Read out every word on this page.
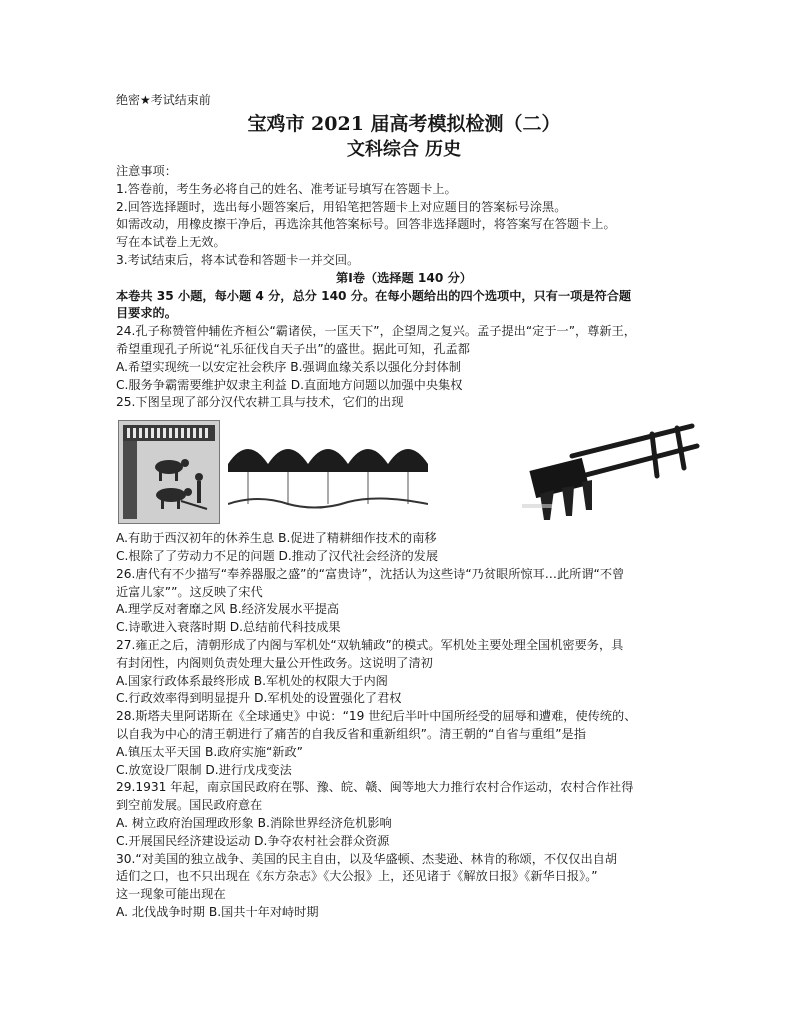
绝密★考试结束前
宝鸡市 2021 届高考模拟检测（二）
文科综合 历史
注意事项：
1.答卷前，考生务必将自己的姓名、准考证号填写在答题卡上。
2.回答选择题时，选出每小题答案后，用铅笔把答题卡上对应题目的答案标号涂黑。
如需改动，用橡皮擦干净后，再选涂其他答案标号。回答非选择题时，将答案写在答题卡上。
写在本试卷上无效。
3.考试结束后，将本试卷和答题卡一并交回。
第Ⅰ卷（选择题 140 分）
本卷共 35 小题，每小题 4 分，总分 140 分。在每小题给出的四个选项中，只有一项是符合题
目要求的。
24.孔子称赞管仲辅佐齐桓公“霸诸侯，一匡天下”，企望周之复兴。孟子提出“定于一”，尊新王，
希望重现孔子所说“礼乐征伐自天子出”的盛世。据此可知，孔孟都
A.希望实现统一以安定社会秩序 B.强调血缘关系以强化分封体制
C.服务争霸需要维护奴隶主利益 D.直面地方问题以加强中央集权
25.下图呈现了部分汉代农耕工具与技术，它们的出现
A.有助于西汉初年的休养生息 B.促进了精耕细作技术的南移
C.根除了了劳动力不足的问题 D.推动了汉代社会经济的发展
26.唐代有不少描写“奉养器服之盛”的“富贵诗”，沈括认为这些诗“乃贫眼所惊耳…此所谓“不曾
近富儿家””。这反映了宋代
A.理学反对奢靡之风 B.经济发展水平提高
C.诗歌进入衰落时期 D.总结前代科技成果
27.雍正之后，清朝形成了内阁与军机处“双轨辅政”的模式。军机处主要处理全国机密要务，具
有封闭性，内阁则负责处理大量公开性政务。这说明了清初
A.国家行政体系最终形成 B.军机处的权限大于内阁
C.行政效率得到明显提升 D.军机处的设置强化了君权
28.斯塔夫里阿诺斯在《全球通史》中说：“19 世纪后半叶中国所经受的屈辱和遭难，使传统的、
以自我为中心的清王朝进行了痛苦的自我反省和重新组织”。清王朝的“自省与重组”是指
A.镇压太平天国 B.政府实施“新政”
C.放宽设厂限制 D.进行戊戌变法
29.1931 年起，南京国民政府在鄂、豫、皖、赣、闽等地大力推行农村合作运动，农村合作社得
到空前发展。国民政府意在
A. 树立政府治国理政形象 B.消除世界经济危机影响
C.开展国民经济建设运动 D.争夺农村社会群众资源
30.“对美国的独立战争、美国的民主自由，以及华盛顿、杰斐逊、林肯的称颂，不仅仅出自胡
适们之口，也不只出现在《东方杂志》《大公报》上，还见诸于《解放日报》《新华日报》。”
这一现象可能出现在
A. 北伐战争时期 B.国共十年对峙时期
